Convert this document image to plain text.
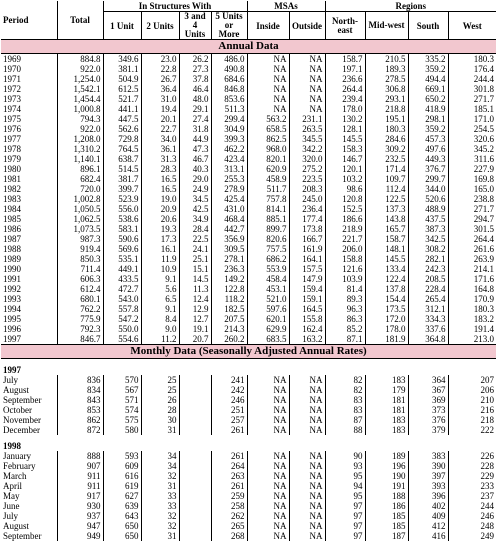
Period	Total	In Structures With				MSAs		Regions			
		1 Unit	2 Units	3 and 4 Units	5 Units or More	Inside	Outside	North-east	Mid-west	South	West
Annual Data											
1969	884.8	349.6	23.0	26.2	486.0	NA	NA	158.7	210.5	335.2	180.3
1970	922.0	381.1	22.8	27.3	490.8	NA	NA	197.1	189.3	359.2	176.4
1971	1,254.0	504.9	26.7	37.8	684.6	NA	NA	236.6	278.5	494.4	244.4
1972	1,542.1	612.5	36.4	46.4	846.8	NA	NA	264.4	306.8	669.1	301.8
1973	1,454.4	521.7	31.0	48.0	853.6	NA	NA	239.4	293.1	650.2	271.7
1974	1,000.8	441.1	19.4	29.1	511.3	NA	NA	178.0	218.8	418.9	185.1
1975	794.3	447.5	20.1	27.4	299.4	563.2	231.1	130.2	195.1	298.1	171.0
1976	922.0	562.6	22.7	31.8	304.9	658.5	263.5	128.1	180.3	359.2	254.5
1977	1,208.0	729.8	34.0	44.9	399.3	862.5	345.5	145.5	284.6	457.3	320.6
1978	1,310.2	764.5	36.1	47.3	462.2	968.0	342.2	158.3	309.2	497.6	345.2
1979	1,140.1	638.7	31.3	46.7	423.4	820.1	320.0	146.7	232.5	449.3	311.6
1980	896.1	514.5	28.3	40.3	313.1	620.9	275.2	120.1	171.4	376.7	227.9
1981	682.4	381.7	16.5	29.0	255.3	458.9	223.5	103.2	109.7	299.7	169.8
1982	720.0	399.7	16.5	24.9	278.9	511.7	208.3	98.6	112.4	344.0	165.0
1983	1,002.8	523.9	19.0	34.5	425.4	757.8	245.0	120.8	122.5	520.6	238.8
1984	1,050.5	556.0	20.9	42.5	431.0	814.1	236.4	152.5	137.3	488.9	271.7
1985	1,062.5	538.6	20.6	34.9	468.4	885.1	177.4	186.6	143.8	437.5	294.7
1986	1,073.5	583.1	19.3	28.4	442.7	899.7	173.8	218.9	165.7	387.3	301.5
1987	987.3	590.6	17.3	22.5	356.9	820.6	166.7	221.7	158.7	342.5	264.4
1988	919.4	569.6	16.1	24.1	309.5	757.5	161.9	206.0	148.1	308.2	261.6
1989	850.3	535.1	11.9	25.1	278.1	686.2	164.1	158.8	145.5	282.1	263.9
1990	711.4	449.1	10.9	15.1	236.3	553.9	157.5	121.6	133.4	242.3	214.1
1991	606.3	433.5	9.1	14.5	149.2	458.4	147.9	103.9	122.4	208.5	171.6
1992	612.4	472.7	5.6	11.3	122.8	453.1	159.4	81.4	137.8	228.4	164.8
1993	680.1	543.0	6.5	12.4	118.2	521.0	159.1	89.3	154.4	265.4	170.9
1994	762.2	557.8	9.1	12.9	182.5	597.6	164.5	96.3	173.5	312.1	180.3
1995	775.9	547.2	8.4	12.7	207.5	620.1	155.8	86.3	172.0	334.3	183.2
1996	792.3	550.0	9.0	19.1	214.3	629.9	162.4	85.2	178.0	337.6	191.4
1997	846.7	554.6	11.2	20.7	260.2	683.5	163.2	87.1	181.9	364.8	213.0
Monthly Data (Seasonally Adjusted Annual Rates)											

1997											
July	836	570	25		241	NA	NA	82	183	364	207
August	834	567	25		242	NA	NA	82	179	367	206
September	843	571	26		246	NA	NA	83	181	369	210
October	853	574	28		251	NA	NA	83	181	373	216
November	862	575	30		257	NA	NA	87	183	376	218
December	872	580	31		261	NA	NA	88	183	379	222

1998											
January	888	593	34		261	NA	NA	90	189	383	226
February	907	609	34		264	NA	NA	93	196	390	228
March	911	616	32		263	NA	NA	95	190	397	229
April	911	619	31		261	NA	NA	94	191	393	233
May	917	627	33		259	NA	NA	95	188	396	237
June	930	639	33		258	NA	NA	97	186	402	244
July	937	643	32		262	NA	NA	97	185	409	246
August	947	650	32		265	NA	NA	97	185	412	248
September	949	650	31		268	NA	NA	97	187	416	249
